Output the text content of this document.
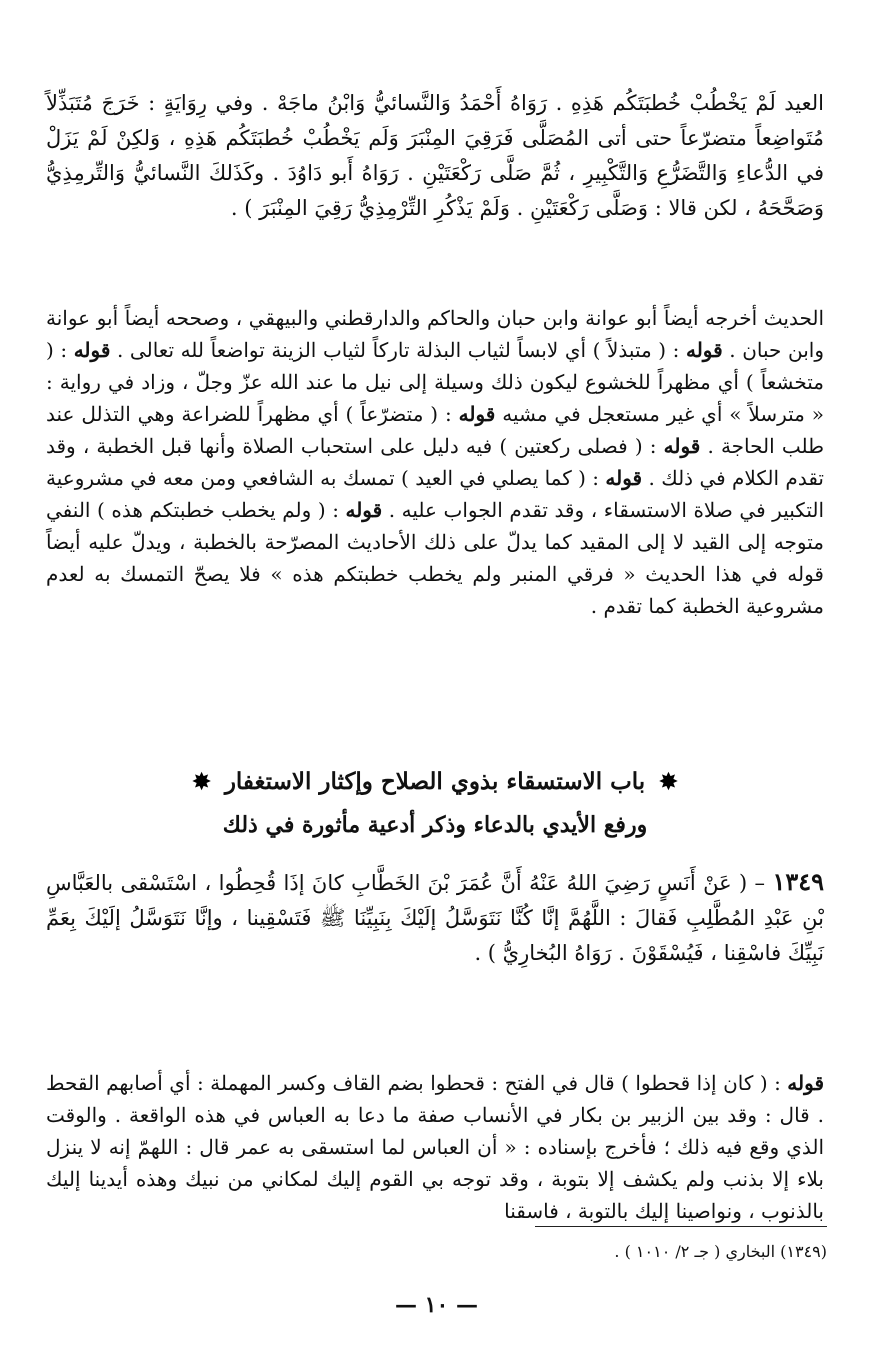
العيد لَمْ يَخْطُبْ خُطبَتَكُم هَذِهِ . رَوَاهُ أَحْمَدُ وَالنَّسائيُّ وَابْنُ ماجَهْ . وفي رِوَايَةٍ : خَرَجَ مُتَبَذِّلاً مُتَواضِعاً متضرّعاً حتى أتى المُصَلَّى فَرَقِيَ المِنْبَرَ وَلَم يَخْطُبْ خُطبَتَكُم هَذِهِ ، وَلكِنْ لَمْ يَزَلْ في الدُّعاءِ وَالتَّضَرُّعِ وَالتَّكْبِيرِ ، ثُمَّ صَلَّى رَكْعَتَيْنِ . رَوَاهُ أَبو دَاوُدَ . وكَذَلكَ النَّسائيُّ وَالتِّرمِذِيُّ وَصَحَّحَهُ ، لكن قالا : وَصَلَّى رَكْعَتَيْنِ . وَلَمْ يَذْكُرِ التِّرْمِذِيُّ رَقِيَ المِنْبَرَ ) .

الحديث أخرجه أيضاً أبو عوانة وابن حبان والحاكم والدارقطني والبيهقي ، وصححه أيضاً أبو عوانة وابن حبان . قوله : ( متبذلاً ) أي لابساً لثياب البذلة تاركاً لثياب الزينة تواضعاً لله تعالى . قوله : ( متخشعاً ) أي مظهراً للخشوع ليكون ذلك وسيلة إلى نيل ما عند الله عزّ وجلّ ، وزاد في رواية : « مترسلاً » أي غير مستعجل في مشيه قوله : ( متضرّعاً ) أي مظهراً للضراعة وهي التذلل عند طلب الحاجة . قوله : ( فصلى ركعتين ) فيه دليل على استحباب الصلاة وأنها قبل الخطبة ، وقد تقدم الكلام في ذلك . قوله : ( كما يصلي في العيد ) تمسك به الشافعي ومن معه في مشروعية التكبير في صلاة الاستسقاء ، وقد تقدم الجواب عليه . قوله : ( ولم يخطب خطبتكم هذه ) النفي متوجه إلى القيد لا إلى المقيد كما يدلّ على ذلك الأحاديث المصرّحة بالخطبة ، ويدلّ عليه أيضاً قوله في هذا الحديث « فرقي المنبر ولم يخطب خطبتكم هذه » فلا يصحّ التمسك به لعدم مشروعية الخطبة كما تقدم .

✸ باب الاستسقاء بذوي الصلاح وإكثار الاستغفار ✸
ورفع الأيدي بالدعاء وذكر أدعية مأثورة في ذلك

١٣٤٩ – ( عَنْ أَنَسٍ رَضِيَ اللهُ عَنْهُ أَنَّ عُمَرَ بْنَ الخَطَّابِ كانَ إذَا قُحِطُوا ، اسْتَسْقى بالعَبَّاسِ بْنِ عَبْدِ المُطَّلِبِ فَقالَ : اللَّهُمَّ إنَّا كُنَّا نَتَوَسَّلُ إلَيْكَ بِنَبِيِّنَا ﷺ فَتَسْقِينا ، وإنَّا نَتَوَسَّلُ إلَيْكَ بِعَمِّ نَبِيِّكَ فاسْقِنا ، فَيُسْقَوْنَ . رَوَاهُ البُخارِيُّ ) .

قوله : ( كان إذا قحطوا ) قال في الفتح : قحطوا بضم القاف وكسر المهملة : أي أصابهم القحط . قال : وقد بين الزبير بن بكار في الأنساب صفة ما دعا به العباس في هذه الواقعة . والوقت الذي وقع فيه ذلك ؛ فأخرج بإسناده : « أن العباس لما استسقى به عمر قال : اللهمّ إنه لا ينزل بلاء إلا بذنب ولم يكشف إلا بتوبة ، وقد توجه بي القوم إليك لمكاني من نبيك وهذه أيدينا إليك بالذنوب ، ونواصينا إليك بالتوبة ، فاسقنا

(١٣٤٩) البخاري ( جـ ٢/ ١٠١٠ ) .
— ١٠ —
